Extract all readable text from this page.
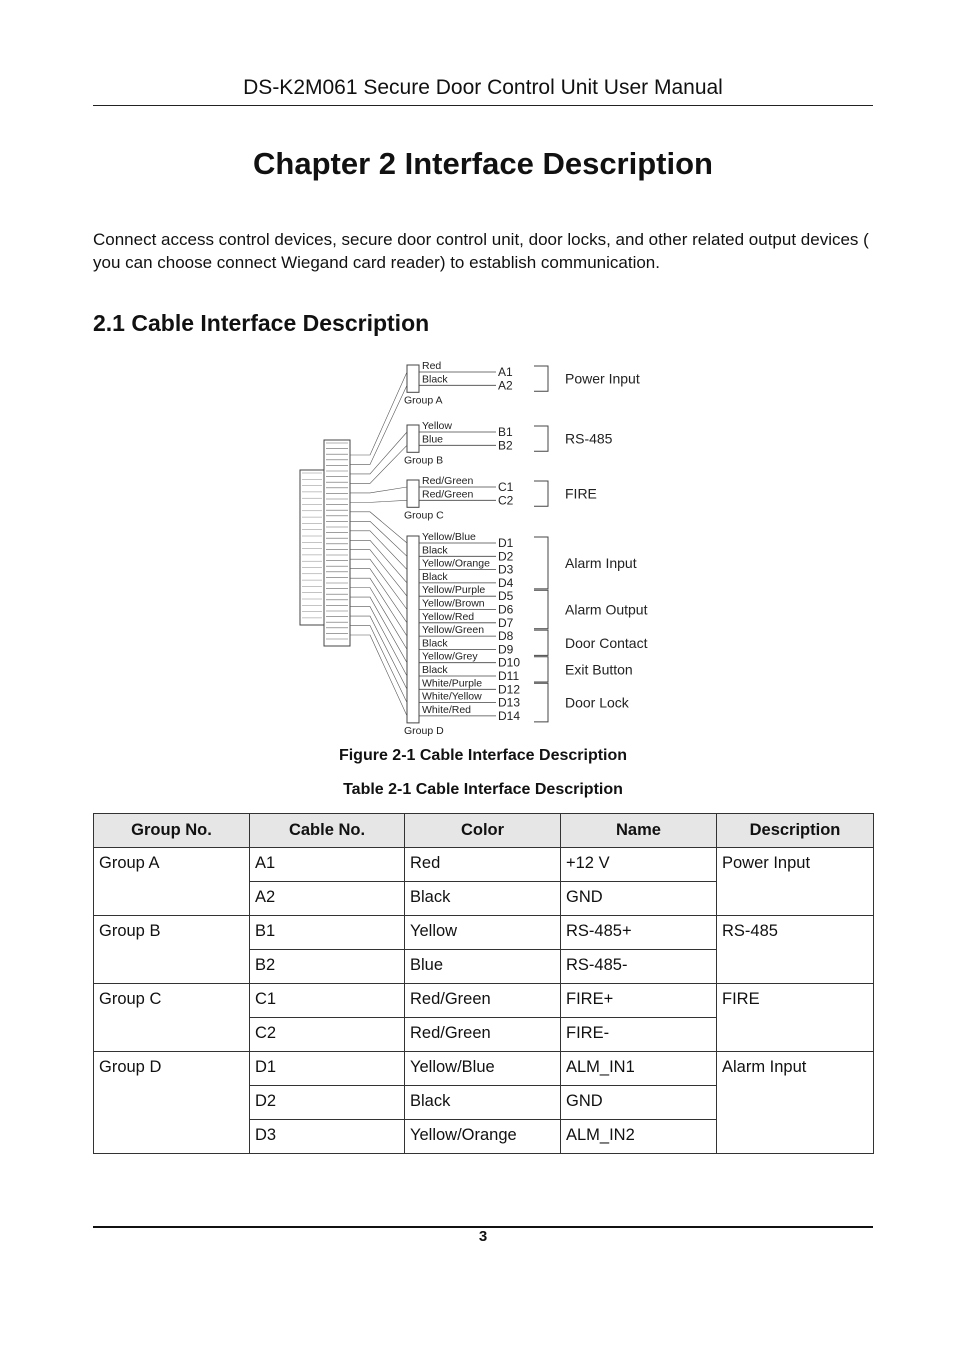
DS-K2M061 Secure Door Control Unit User Manual
Chapter 2 Interface Description
Connect access control devices, secure door control unit, door locks, and other related output devices ( you can choose connect Wiegand card reader) to establish communication.
2.1 Cable Interface Description
Red	A1
Black	A2
Group A
Yellow	B1
Blue	B2
Group B
Red/Green C1
Red/Green C2
Group C
Yellow/Blue D1
Black	D2
Yellow/Orange D3
Black	D4
Yellow/Purple D5
Yellow/Brown D6
Yellow/Red D7
Yellow/Green D8
Black	D9
Yellow/Grey D10
Black	D11
White/Purple D12
White/Yellow D13
White/Red D14
Group D
Power Input
RS-485
FIRE
Alarm Input
Alarm Output
Door Contact
Exit Button
Door Lock
Figure 2-1 Cable Interface Description
Table 2-1 Cable Interface Description
Group No.	Cable No.	Color	Name	Description
Group A	A1	Red	+12 V	Power Input
	A2	Black	GND	
Group B	B1	Yellow	RS-485+	RS-485
	B2	Blue	RS-485-	
Group C	C1	Red/Green	FIRE+	FIRE
	C2	Red/Green	FIRE-	
Group D	D1	Yellow/Blue	ALM_IN1	Alarm Input
	D2	Black	GND	
	D3	Yellow/Orange	ALM_IN2	
3
